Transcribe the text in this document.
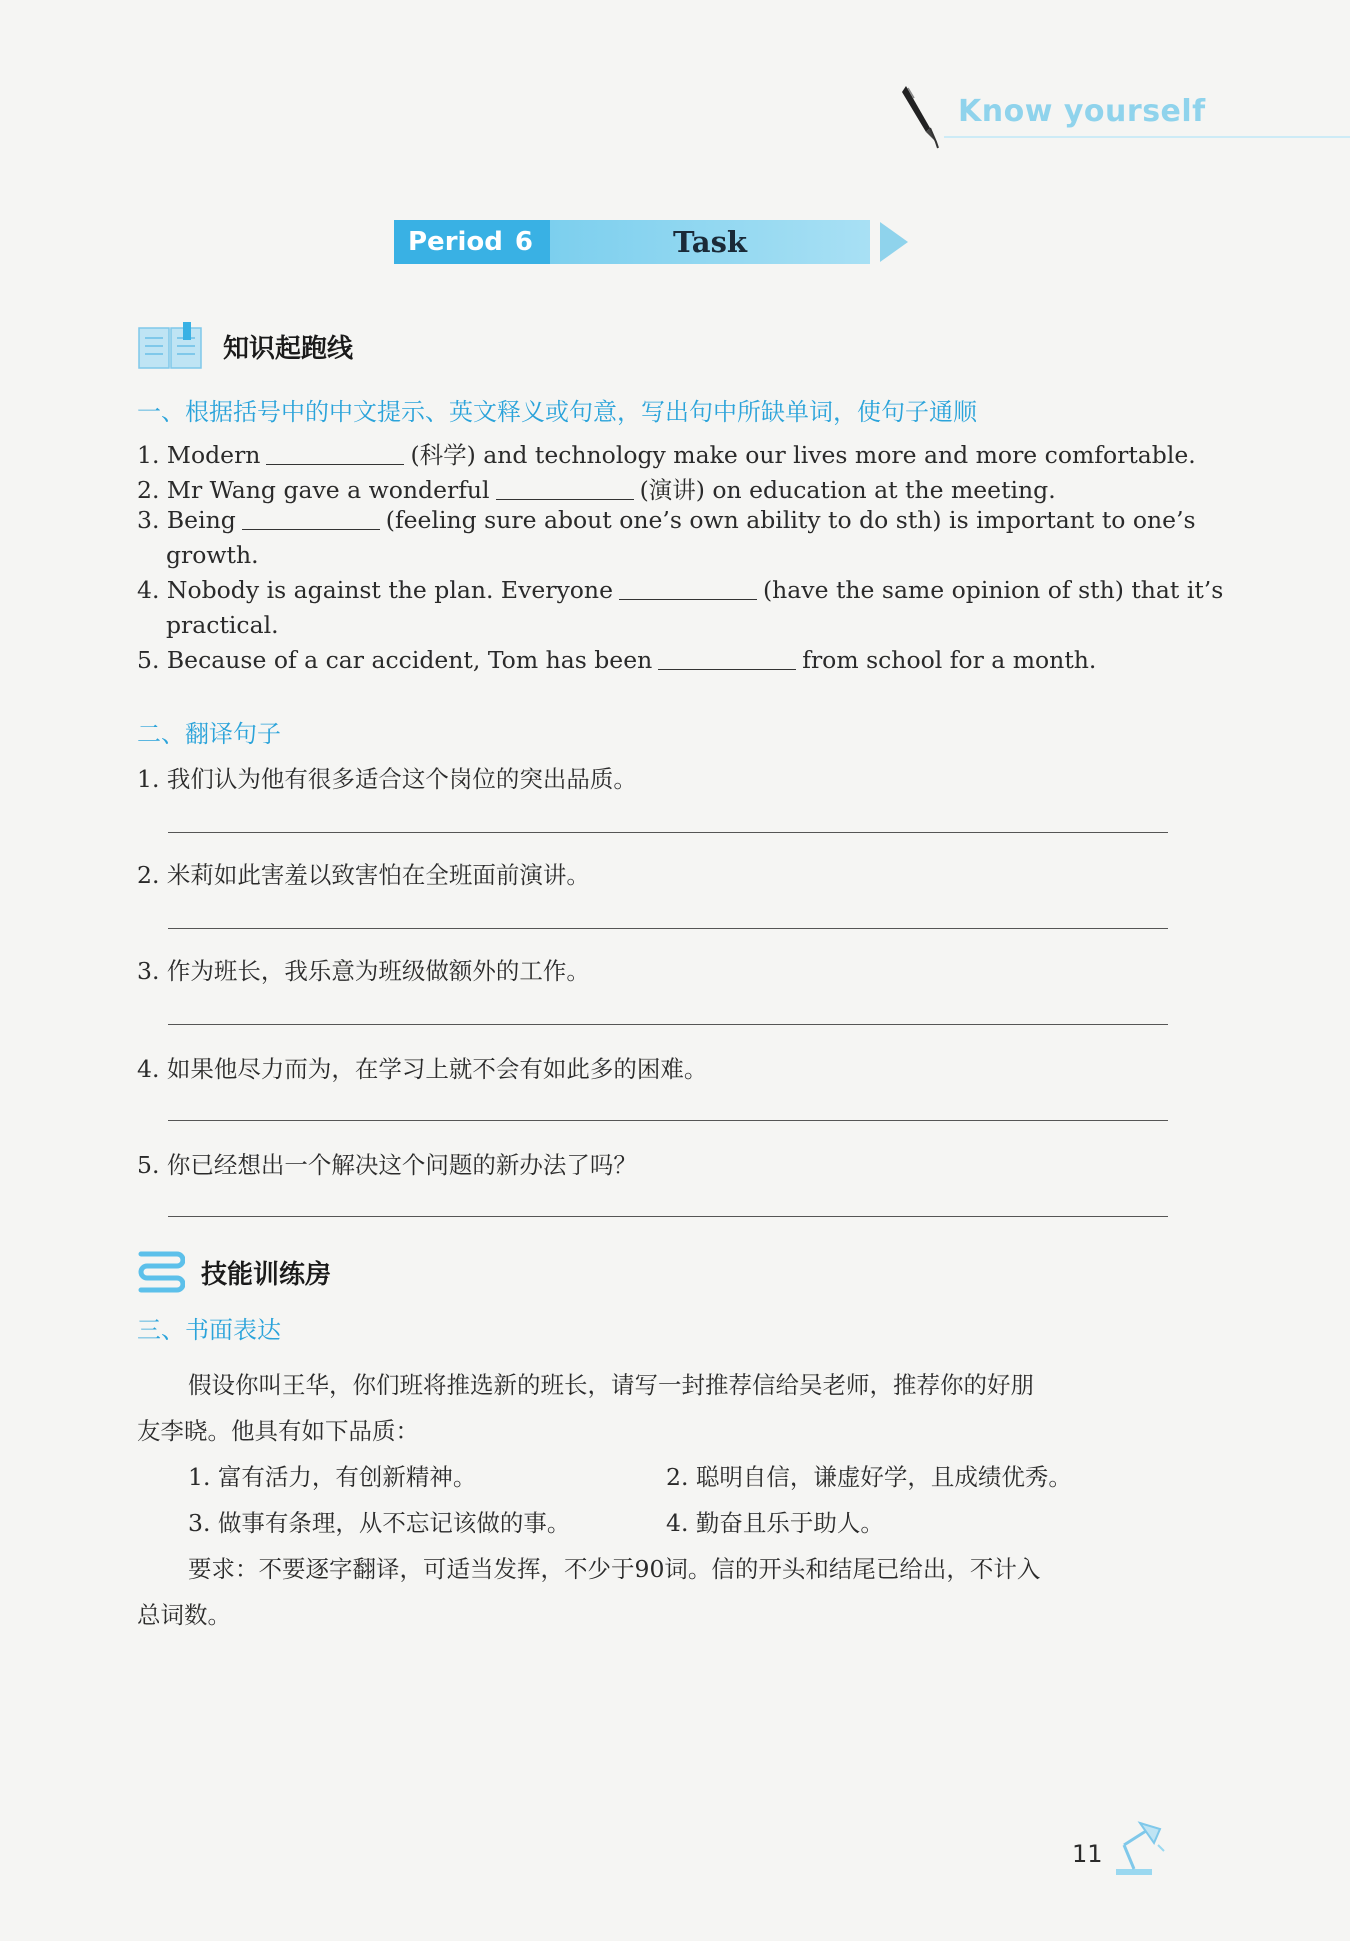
Know yourself
Period 6	Task
知识起跑线
一、根据括号中的中文提示、英文释义或句意，写出句中所缺单词，使句子通顺
1. Modern	(科学) and technology make our lives more and more comfortable.
2. Mr Wang gave a wonderful	(演讲) on education at the meeting.
3. Being	(feeling sure about one’s own ability to do sth) is important to one’s
growth.
4. Nobody is against the plan. Everyone	(have the same opinion of sth) that it’s
practical.
5. Because of a car accident, Tom has been	from school for a month.
二、翻译句子
1. 我们认为他有很多适合这个岗位的突出品质。
2. 米莉如此害羞以致害怕在全班面前演讲。
3. 作为班长，我乐意为班级做额外的工作。
4. 如果他尽力而为，在学习上就不会有如此多的困难。
5. 你已经想出一个解决这个问题的新办法了吗？
技能训练房
三、书面表达
假设你叫王华，你们班将推选新的班长，请写一封推荐信给吴老师，推荐你的好朋
友李晓。他具有如下品质：
1. 富有活力，有创新精神。	2. 聪明自信，谦虚好学，且成绩优秀。
3. 做事有条理，从不忘记该做的事。	4. 勤奋且乐于助人。
要求：不要逐字翻译，可适当发挥，不少于90词。信的开头和结尾已给出，不计入
总词数。
11
